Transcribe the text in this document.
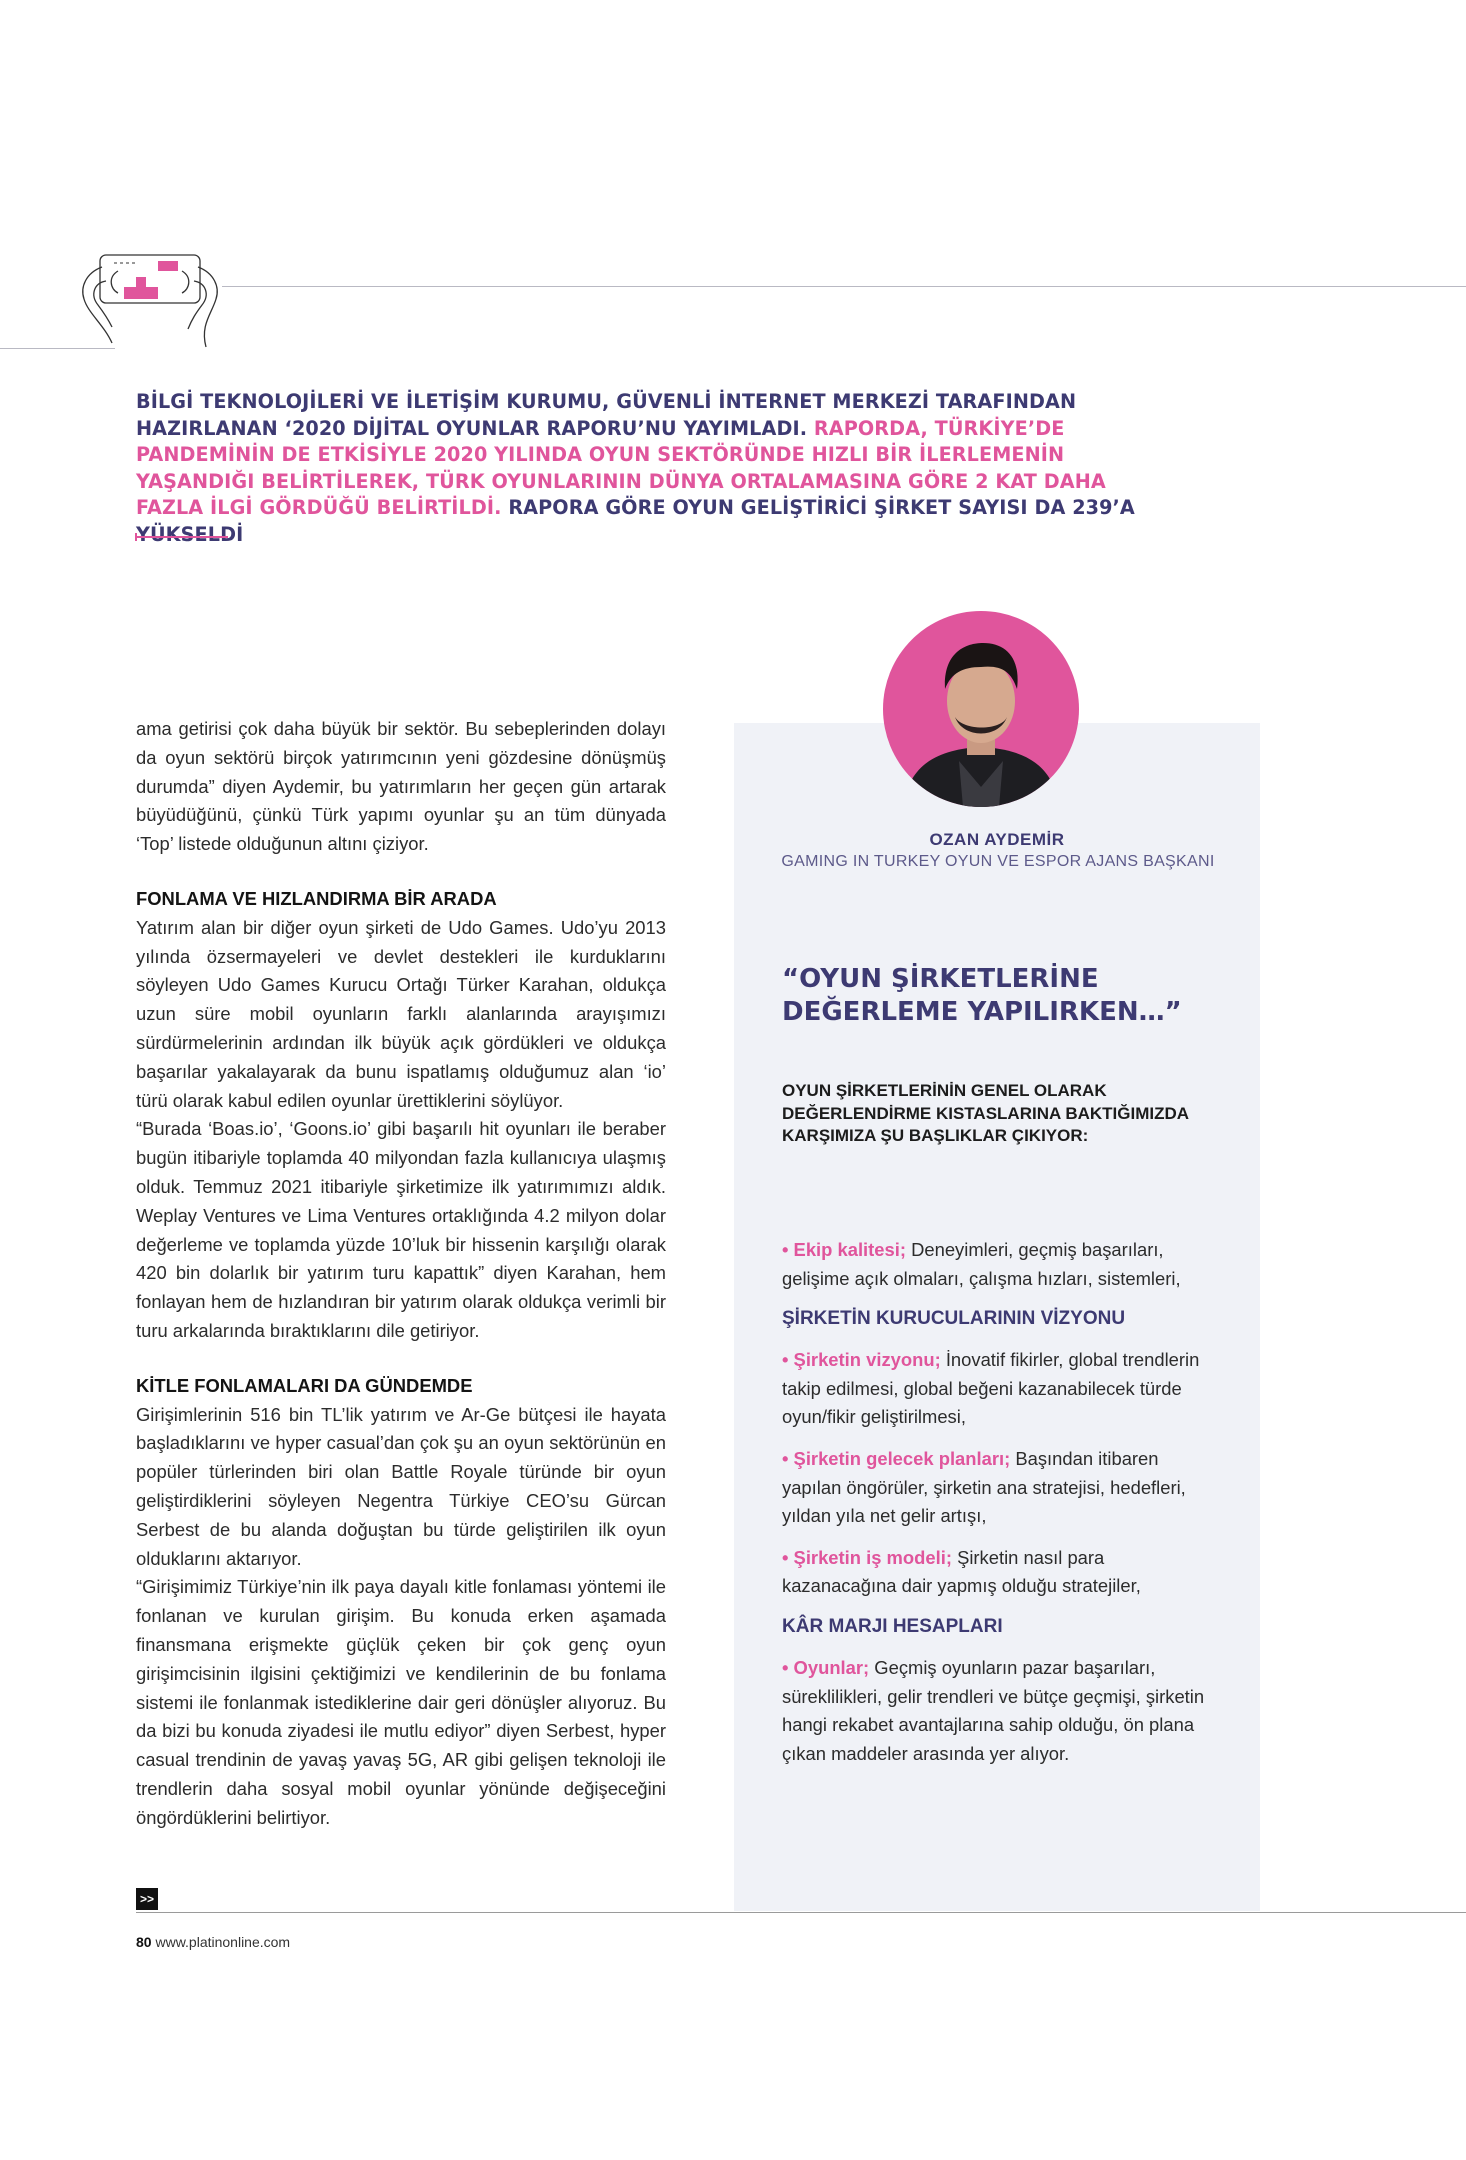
BİLGİ TEKNOLOJİLERİ VE İLETİŞİM KURUMU, GÜVENLİ İNTERNET MERKEZİ TARAFINDAN HAZIRLANAN ‘2020 DİJİTAL OYUNLAR RAPORU’NU YAYIMLADI. RAPORDA, TÜRKİYE’DE PANDEMİNİN DE ETKİSİYLE 2020 YILINDA OYUN SEKTÖRÜNDE HIZLI BİR İLERLEMENİN YAŞANDIĞI BELİRTİLEREK, TÜRK OYUNLARININ DÜNYA ORTALAMASINA GÖRE 2 KAT DAHA FAZLA İLGİ GÖRDÜĞÜ BELİRTİLDİ. RAPORA GÖRE OYUN GELİŞTİRİCİ ŞİRKET SAYISI DA 239’A YÜKSELDİ

ama getirisi çok daha büyük bir sektör. Bu sebeplerinden dolayı da oyun sektörü birçok yatırımcının yeni gözdesine dönüşmüş durumda” diyen Aydemir, bu yatırımların her geçen gün artarak büyüdüğünü, çünkü Türk yapımı oyunlar şu an tüm dünyada ‘Top’ listede olduğunun altını çiziyor.

FONLAMA VE HIZLANDIRMA BİR ARADA

Yatırım alan bir diğer oyun şirketi de Udo Games. Udo’yu 2013 yılında özsermayeleri ve devlet destekleri ile kurduklarını söyleyen Udo Games Kurucu Ortağı Türker Karahan, oldukça uzun süre mobil oyunların farklı alanlarında arayışımızı sürdürmelerinin ardından ilk büyük açık gördükleri ve oldukça başarılar yakalayarak da bunu ispatlamış olduğumuz alan ‘io’ türü olarak kabul edilen oyunlar ürettiklerini söylüyor.

“Burada ‘Boas.io’, ‘Goons.io’ gibi başarılı hit oyunları ile beraber bugün itibariyle toplamda 40 milyondan fazla kullanıcıya ulaşmış olduk. Temmuz 2021 itibariyle şirketimize ilk yatırımımızı aldık. Weplay Ventures ve Lima Ventures ortaklığında 4.2 milyon dolar değerleme ve toplamda yüzde 10’luk bir hissenin karşılığı olarak 420 bin dolarlık bir yatırım turu kapattık” diyen Karahan, hem fonlayan hem de hızlandıran bir yatırım olarak oldukça verimli bir turu arkalarında bıraktıklarını dile getiriyor.

KİTLE FONLAMALARI DA GÜNDEMDE

Girişimlerinin 516 bin TL’lik yatırım ve Ar-Ge bütçesi ile hayata başladıklarını ve hyper casual’dan çok şu an oyun sektörünün en popüler türlerinden biri olan Battle Royale türünde bir oyun geliştirdiklerini söyleyen Negentra Türkiye CEO’su Gürcan Serbest de bu alanda doğuştan bu türde geliştirilen ilk oyun olduklarını aktarıyor.

“Girişimimiz Türkiye’nin ilk paya dayalı kitle fonlaması yöntemi ile fonlanan ve kurulan girişim. Bu konuda erken aşamada finansmana erişmekte güçlük çeken bir çok genç oyun girişimcisinin ilgisini çektiğimizi ve kendilerinin de bu fonlama sistemi ile fonlanmak istediklerine dair geri dönüşler alıyoruz. Bu da bizi bu konuda ziyadesi ile mutlu ediyor” diyen Serbest, hyper casual trendinin de yavaş yavaş 5G, AR gibi gelişen teknoloji ile trendlerin daha sosyal mobil oyunlar yönünde değişeceğini öngördüklerini belirtiyor.

OZAN AYDEMİR
GAMING IN TURKEY OYUN VE ESPOR AJANS BAŞKANI
“OYUN ŞİRKETLERİNE DEĞERLEME YAPILIRKEN…”
OYUN ŞİRKETLERİNİN GENEL OLARAK DEĞERLENDİRME KISTASLARINA BAKTIĞIMIZDA KARŞIMIZA ŞU BAŞLIKLAR ÇIKIYOR:

• Ekip kalitesi; Deneyimleri, geçmiş başarıları, gelişime açık olmaları, çalışma hızları, sistemleri,

ŞİRKETİN KURUCULARININ VİZYONU

• Şirketin vizyonu; İnovatif fikirler, global trendlerin takip edilmesi, global beğeni kazanabilecek türde oyun/fikir geliştirilmesi,

• Şirketin gelecek planları; Başından itibaren yapılan öngörüler, şirketin ana stratejisi, hedefleri, yıldan yıla net gelir artışı,

• Şirketin iş modeli; Şirketin nasıl para kazanacağına dair yapmış olduğu stratejiler,

KÂR MARJI HESAPLARI

• Oyunlar; Geçmiş oyunların pazar başarıları, süreklilikleri, gelir trendleri ve bütçe geçmişi, şirketin hangi rekabet avantajlarına sahip olduğu, ön plana çıkan maddeler arasında yer alıyor.

>>
80 www.platinonline.com
